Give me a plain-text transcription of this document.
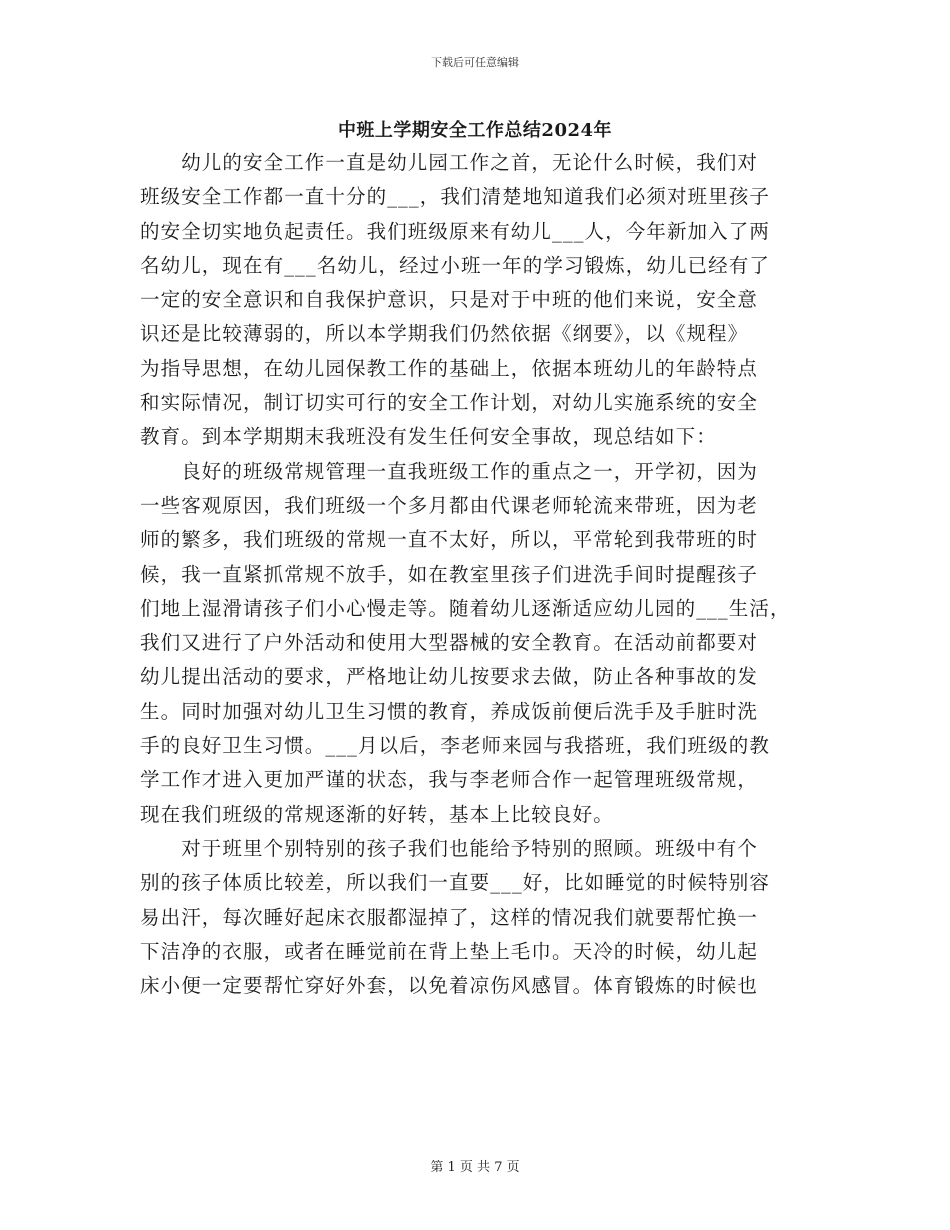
下载后可任意编辑
中班上学期安全工作总结2024年
　　幼儿的安全工作一直是幼儿园工作之首，无论什么时候，我们对
班级安全工作都一直十分的___，我们清楚地知道我们必须对班里孩子
的安全切实地负起责任。我们班级原来有幼儿___人，今年新加入了两
名幼儿，现在有___名幼儿，经过小班一年的学习锻炼，幼儿已经有了
一定的安全意识和自我保护意识，只是对于中班的他们来说，安全意
识还是比较薄弱的，所以本学期我们仍然依据《纲要》，以《规程》
为指导思想，在幼儿园保教工作的基础上，依据本班幼儿的年龄特点
和实际情况，制订切实可行的安全工作计划，对幼儿实施系统的安全
教育。到本学期期末我班没有发生任何安全事故，现总结如下：
　　良好的班级常规管理一直我班级工作的重点之一，开学初，因为
一些客观原因，我们班级一个多月都由代课老师轮流来带班，因为老
师的繁多，我们班级的常规一直不太好，所以，平常轮到我带班的时
候，我一直紧抓常规不放手，如在教室里孩子们进洗手间时提醒孩子
们地上湿滑请孩子们小心慢走等。随着幼儿逐渐适应幼儿园的___生活，
我们又进行了户外活动和使用大型器械的安全教育。在活动前都要对
幼儿提出活动的要求，严格地让幼儿按要求去做，防止各种事故的发
生。同时加强对幼儿卫生习惯的教育，养成饭前便后洗手及手脏时洗
手的良好卫生习惯。___月以后，李老师来园与我搭班，我们班级的教
学工作才进入更加严谨的状态，我与李老师合作一起管理班级常规，
现在我们班级的常规逐渐的好转，基本上比较良好。
　　对于班里个别特别的孩子我们也能给予特别的照顾。班级中有个
别的孩子体质比较差，所以我们一直要___好，比如睡觉的时候特别容
易出汗，每次睡好起床衣服都湿掉了，这样的情况我们就要帮忙换一
下洁净的衣服，或者在睡觉前在背上垫上毛巾。天冷的时候，幼儿起
床小便一定要帮忙穿好外套，以免着凉伤风感冒。体育锻炼的时候也
第 1 页 共 7 页
